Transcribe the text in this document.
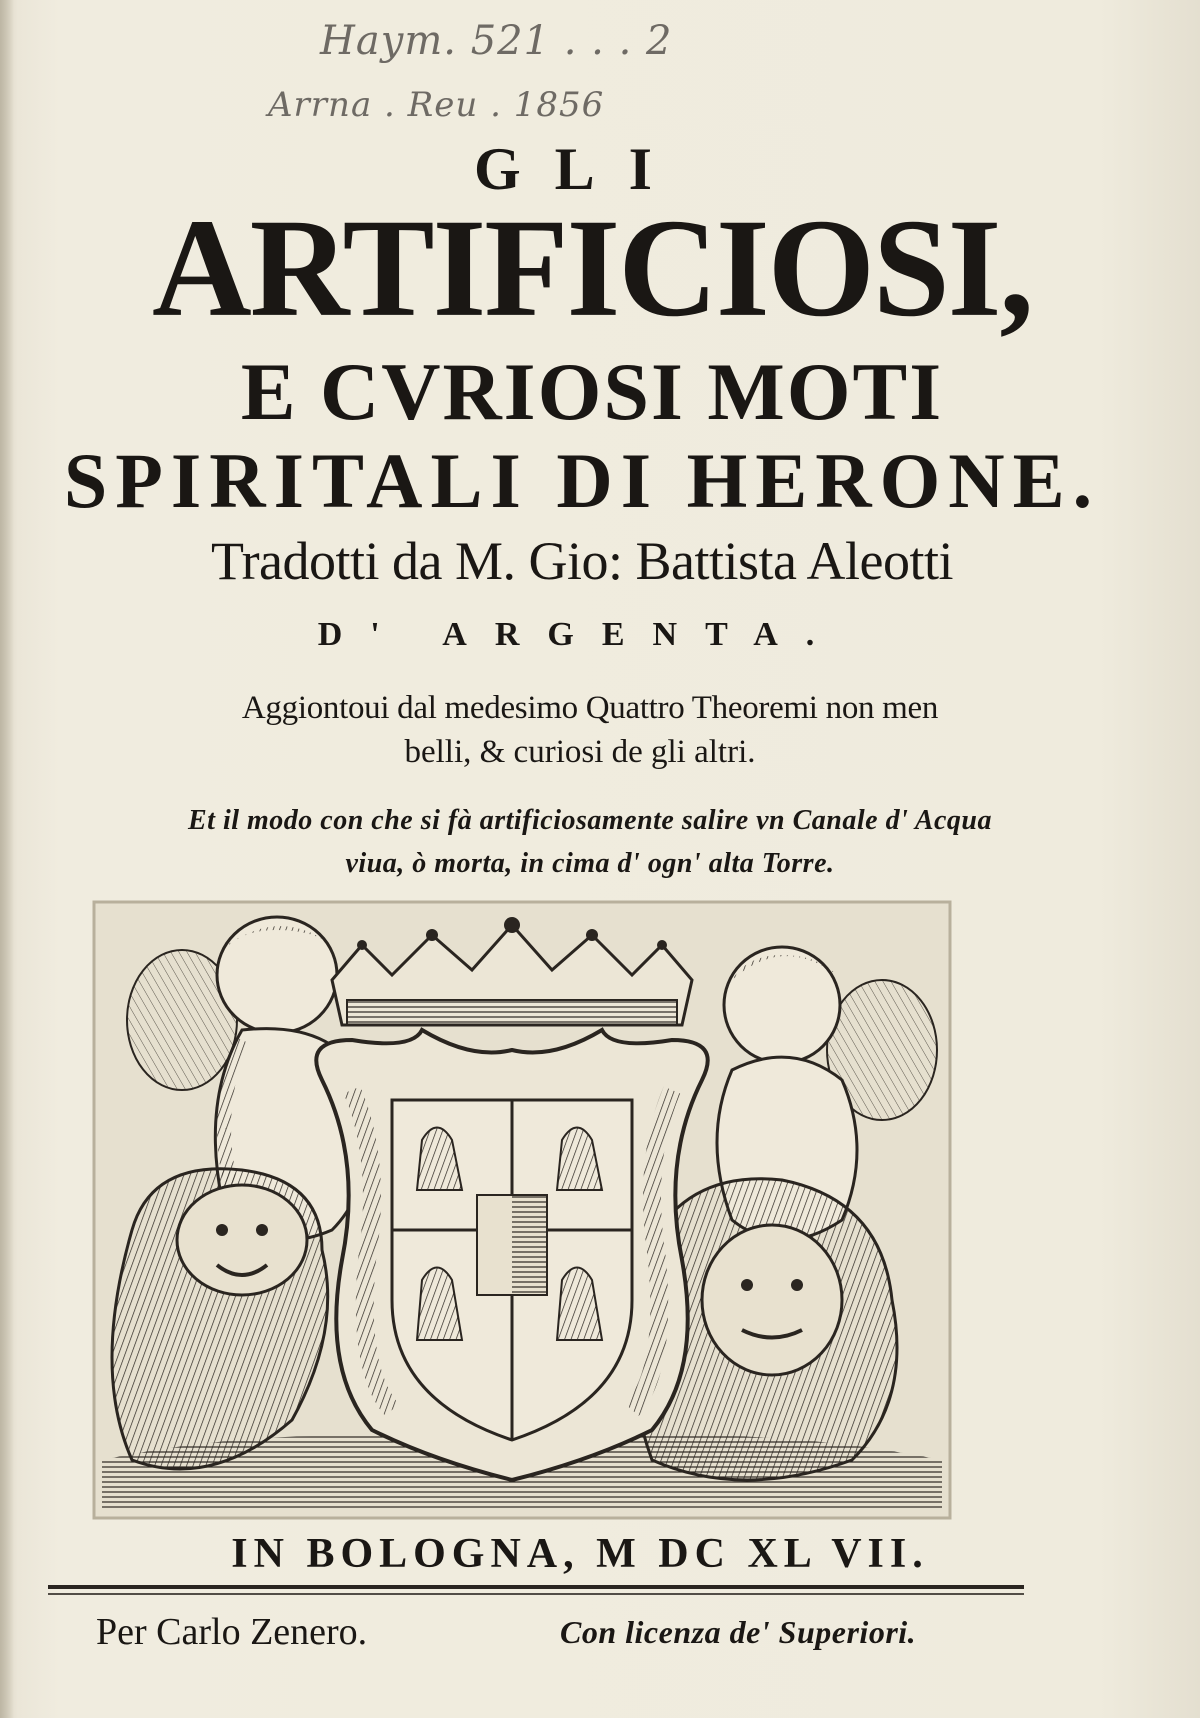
Haym. 521 . . . 2
Arrna . Reu . 1856
GLI
ARTIFICIOSI,
E CVRIOSI MOTI
SPIRITALI DI HERONE.
Tradotti da M. Gio: Battista Aleotti
D' ARGENTA.
Aggiontoui dal medesimo Quattro Theoremi non men
belli, & curiosi de gli altri.
Et il modo con che si fà artificiosamente salire vn Canale d' Acqua
viua, ò morta, in cima d' ogn' alta Torre.
IN BOLOGNA, M DC XL VII.
Per Carlo Zenero.	Con licenza de' Superiori.
